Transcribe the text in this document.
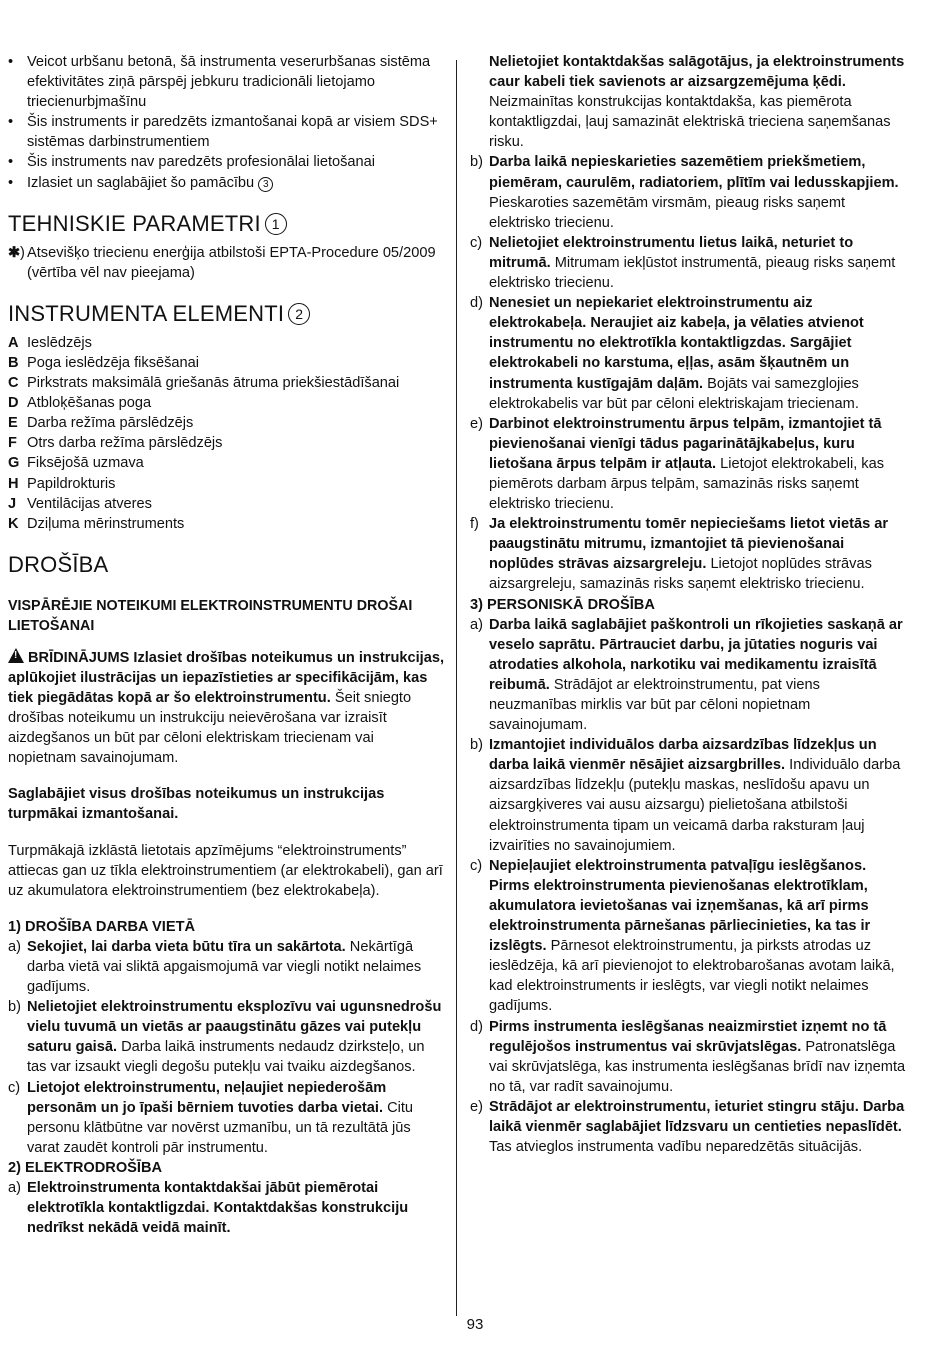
• Veicot urbšanu betonā, šā instrumenta veserurbšanas sistēma efektivitātes ziņā pārspēj jebkuru tradicionāli lietojamo triecienurbjmašīnu
• Šis instruments ir paredzēts izmantošanai kopā ar visiem SDS+ sistēmas darbinstrumentiem
• Šis instruments nav paredzēts profesionālai lietošanai
• Izlasiet un saglabājiet šo pamācību 3
TEHNISKIE PARAMETRI 1
✱ ) Atsevišķo triecienu enerģija atbilstoši EPTA-Procedure 05/2009 (vērtība vēl nav pieejama)
INSTRUMENTA ELEMENTI 2
A Ieslēdzējs
B Poga ieslēdzēja fiksēšanai
C Pirkstrats maksimālā griešanās ātruma priekšiestādīšanai
D Atbloķēšanas poga
E Darba režīma pārslēdzējs
F Otrs darba režīma pārslēdzējs
G Fiksējošā uzmava
H Papildrokturis
J Ventilācijas atveres
K Dziļuma mērinstruments
DROŠĪBA
VISPĀRĒJIE NOTEIKUMI ELEKTROINSTRUMENTU DROŠAI LIETOŠANAI

! BRĪDINĀJUMS Izlasiet drošības noteikumus un instrukcijas, aplūkojiet ilustrācijas un iepazīstieties ar specifikācijām, kas tiek piegādātas kopā ar šo elektroinstrumentu. Šeit sniegto drošības noteikumu un instrukciju neievērošana var izraisīt aizdegšanos un būt par cēloni elektriskam triecienam vai nopietnam savainojumam.

Saglabājiet visus drošības noteikumus un instrukcijas turpmākai izmantošanai.

Turpmākajā izklāstā lietotais apzīmējums “elektroinstruments” attiecas gan uz tīkla elektroinstrumentiem (ar elektrokabeli), gan arī uz akumulatora elektroinstrumentiem (bez elektrokabeļa).

1) DROŠĪBA DARBA VIETĀ

a) Sekojiet, lai darba vieta būtu tīra un sakārtota. Nekārtīgā darba vietā vai sliktā apgaismojumā var viegli notikt nelaimes gadījums.
b) Nelietojiet elektroinstrumentu eksplozīvu vai ugunsnedrošu vielu tuvumā un vietās ar paaugstinātu gāzes vai putekļu saturu gaisā. Darba laikā instruments nedaudz dzirksteļo, un tas var izsaukt viegli degošu putekļu vai tvaiku aizdegšanos.
c) Lietojot elektroinstrumentu, neļaujiet nepiederošām personām un jo īpaši bērniem tuvoties darba vietai. Citu personu klātbūtne var novērst uzmanību, un tā rezultātā jūs varat zaudēt kontroli pār instrumentu.

2) ELEKTRODROŠĪBA

a) Elektroinstrumenta kontaktdakšai jābūt piemērotai elektrotīkla kontaktligzdai. Kontaktdakšas konstrukciju nedrīkst nekādā veidā mainīt.
Nelietojiet kontaktdakšas salāgotājus, ja elektroinstruments caur kabeli tiek savienots ar aizsargzemējuma ķēdi. Neizmainītas konstrukcijas kontaktdakša, kas piemērota kontaktligzdai, ļauj samazināt elektriskā trieciena saņemšanas risku.
b) Darba laikā nepieskarieties sazemētiem priekšmetiem, piemēram, caurulēm, radiatoriem, plītīm vai ledusskapjiem. Pieskaroties sazemētām virsmām, pieaug risks saņemt elektrisko triecienu.
c) Nelietojiet elektroinstrumentu lietus laikā, neturiet to mitrumā. Mitrumam iekļūstot instrumentā, pieaug risks saņemt elektrisko triecienu.
d) Nenesiet un nepiekariet elektroinstrumentu aiz elektrokabeļa. Neraujiet aiz kabeļa, ja vēlaties atvienot instrumentu no elektrotīkla kontaktligzdas. Sargājiet elektrokabeli no karstuma, eļļas, asām šķautnēm un instrumenta kustīgajām daļām. Bojāts vai samezglojies elektrokabelis var būt par cēloni elektriskajam triecienam.
e) Darbinot elektroinstrumentu ārpus telpām, izmantojiet tā pievienošanai vienīgi tādus pagarinātājkabeļus, kuru lietošana ārpus telpām ir atļauta. Lietojot elektrokabeli, kas piemērots darbam ārpus telpām, samazinās risks saņemt elektrisko triecienu.
f) Ja elektroinstrumentu tomēr nepieciešams lietot vietās ar paaugstinātu mitrumu, izmantojiet tā pievienošanai noplūdes strāvas aizsargreleju. Lietojot noplūdes strāvas aizsargreleju, samazinās risks saņemt elektrisko triecienu.

3) PERSONISKĀ DROŠĪBA

a) Darba laikā saglabājiet paškontroli un rīkojieties saskaņā ar veselo saprātu. Pārtrauciet darbu, ja jūtaties noguris vai atrodaties alkohola, narkotiku vai medikamentu izraisītā reibumā. Strādājot ar elektroinstrumentu, pat viens neuzmanības mirklis var būt par cēloni nopietnam savainojumam.
b) Izmantojiet individuālos darba aizsardzības līdzekļus un darba laikā vienmēr nēsājiet aizsargbrilles. Individuālo darba aizsardzības līdzekļu (putekļu maskas, neslīdošu apavu un aizsargķiveres vai ausu aizsargu) pielietošana atbilstoši elektroinstrumenta tipam un veicamā darba raksturam ļauj izvairīties no savainojumiem.
c) Nepieļaujiet elektroinstrumenta patvaļīgu ieslēgšanos. Pirms elektroinstrumenta pievienošanas elektrotīklam, akumulatora ievietošanas vai izņemšanas, kā arī pirms elektroinstrumenta pārnešanas pārliecinieties, ka tas ir izslēgts. Pārnesot elektroinstrumentu, ja pirksts atrodas uz ieslēdzēja, kā arī pievienojot to elektrobarošanas avotam laikā, kad elektroinstruments ir ieslēgts, var viegli notikt nelaimes gadījums.
d) Pirms instrumenta ieslēgšanas neaizmirstiet izņemt no tā regulējošos instrumentus vai skrūvjatslēgas. Patronatslēga vai skrūvjatslēga, kas instrumenta ieslēgšanas brīdī nav izņemta no tā, var radīt savainojumu.
e) Strādājot ar elektroinstrumentu, ieturiet stingru stāju. Darba laikā vienmēr saglabājiet līdzsvaru un centieties nepaslīdēt. Tas atvieglos instrumenta vadību neparedzētās situācijās.
93
